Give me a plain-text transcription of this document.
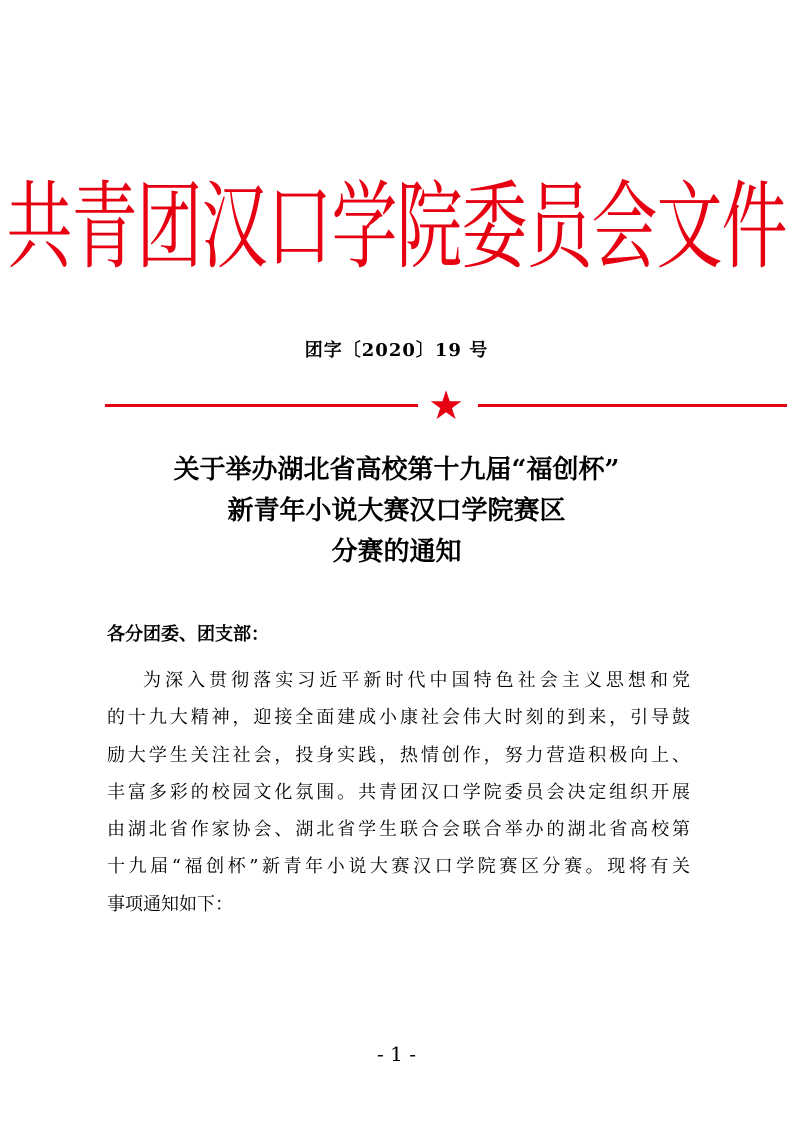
共青团汉口学院委员会文件
团字〔2020〕19 号
★
关于举办湖北省高校第十九届“福创杯”
新青年小说大赛汉口学院赛区
分赛的通知
各分团委、团支部：
为深入贯彻落实习近平新时代中国特色社会主义思想和党
的十九大精神，迎接全面建成小康社会伟大时刻的到来，引导鼓
励大学生关注社会，投身实践，热情创作，努力营造积极向上、
丰富多彩的校园文化氛围。共青团汉口学院委员会决定组织开展
由湖北省作家协会、湖北省学生联合会联合举办的湖北省高校第
十九届“福创杯”新青年小说大赛汉口学院赛区分赛。现将有关
事项通知如下：
- 1 -
